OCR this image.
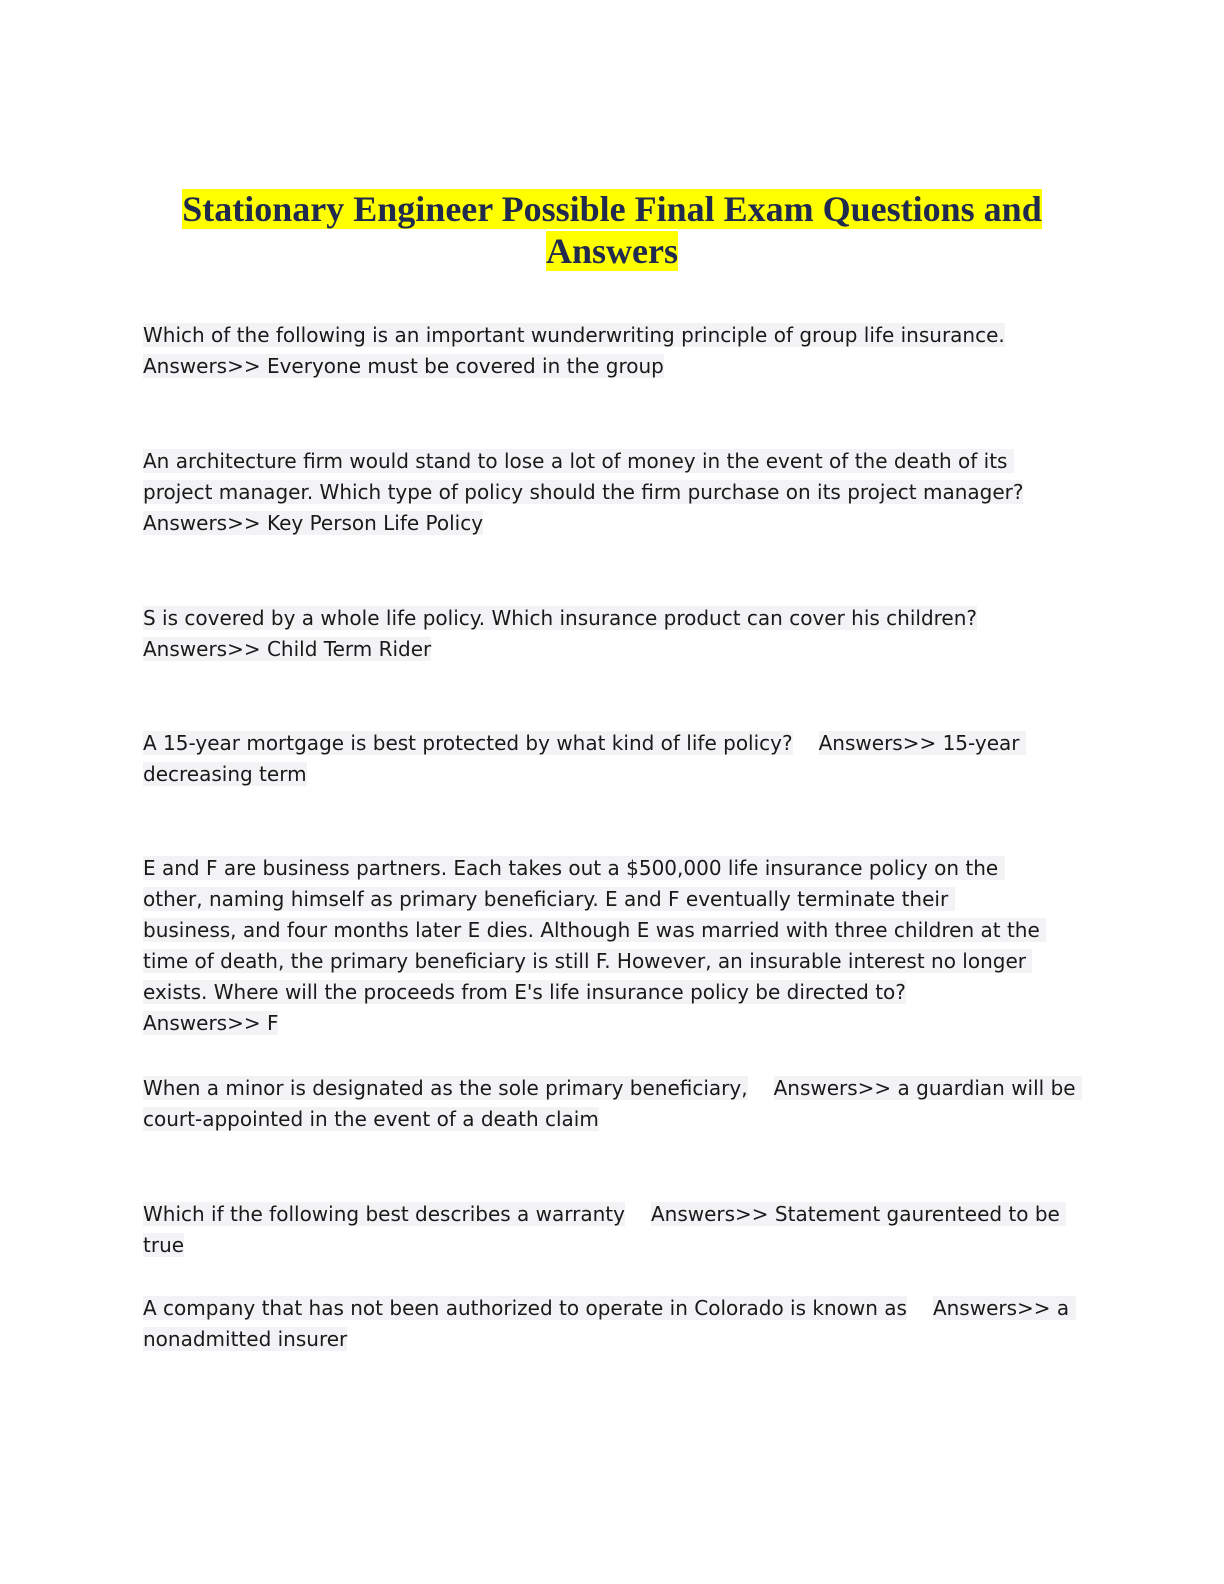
Stationary Engineer Possible Final Exam Questions and Answers
Which of the following is an important wunderwriting principle of group life insurance.Answers>> Everyone must be covered in the group
An architecture firm would stand to lose a lot of money in the event of the death of its project manager. Which type of policy should the firm purchase on its project manager?Answers>> Key Person Life Policy
S is covered by a whole life policy. Which insurance product can cover his children?Answers>> Child Term Rider
A 15-year mortgage is best protected by what kind of life policy? Answers>> 15-year decreasing term
E and F are business partners. Each takes out a $500,000 life insurance policy on the other, naming himself as primary beneficiary. E and F eventually terminate their business, and four months later E dies. Although E was married with three children at the time of death, the primary beneficiary is still F. However, an insurable interest no longer exists. Where will the proceeds from E's life insurance policy be directed to?Answers>> F
When a minor is designated as the sole primary beneficiary, Answers>> a guardian will be court-appointed in the event of a death claim
Which if the following best describes a warranty Answers>> Statement gaurenteed to be true
A company that has not been authorized to operate in Colorado is known as Answers>> a nonadmitted insurer
